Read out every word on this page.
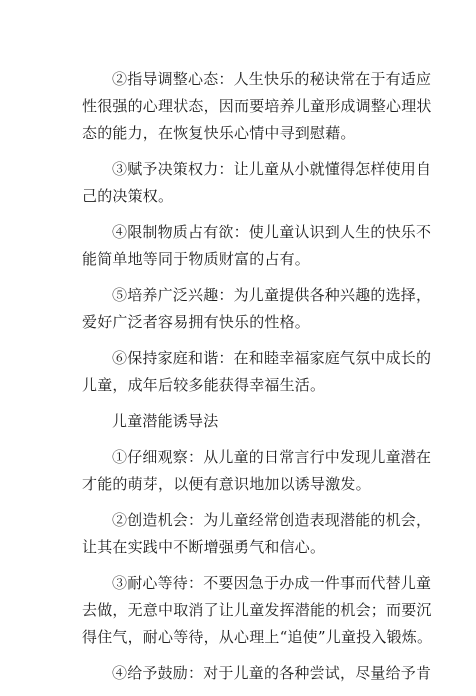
②指导调整心态：人生快乐的秘诀常在于有适应
性很强的心理状态，因而要培养儿童形成调整心理状
态的能力，在恢复快乐心情中寻到慰藉。

③赋予决策权力：让儿童从小就懂得怎样使用自
己的决策权。

④限制物质占有欲：使儿童认识到人生的快乐不
能简单地等同于物质财富的占有。

⑤培养广泛兴趣：为儿童提供各种兴趣的选择，
爱好广泛者容易拥有快乐的性格。

⑥保持家庭和谐：在和睦幸福家庭气氛中成长的
儿童，成年后较多能获得幸福生活。

儿童潜能诱导法

①仔细观察：从儿童的日常言行中发现儿童潜在
才能的萌芽，以便有意识地加以诱导激发。

②创造机会：为儿童经常创造表现潜能的机会，
让其在实践中不断增强勇气和信心。

③耐心等待：不要因急于办成一件事而代替儿童
去做，无意中取消了让儿童发挥潜能的机会；而要沉
得住气，耐心等待，从心理上“追使”儿童投入锻炼。

④给予鼓励：对于儿童的各种尝试，尽量给予肯
